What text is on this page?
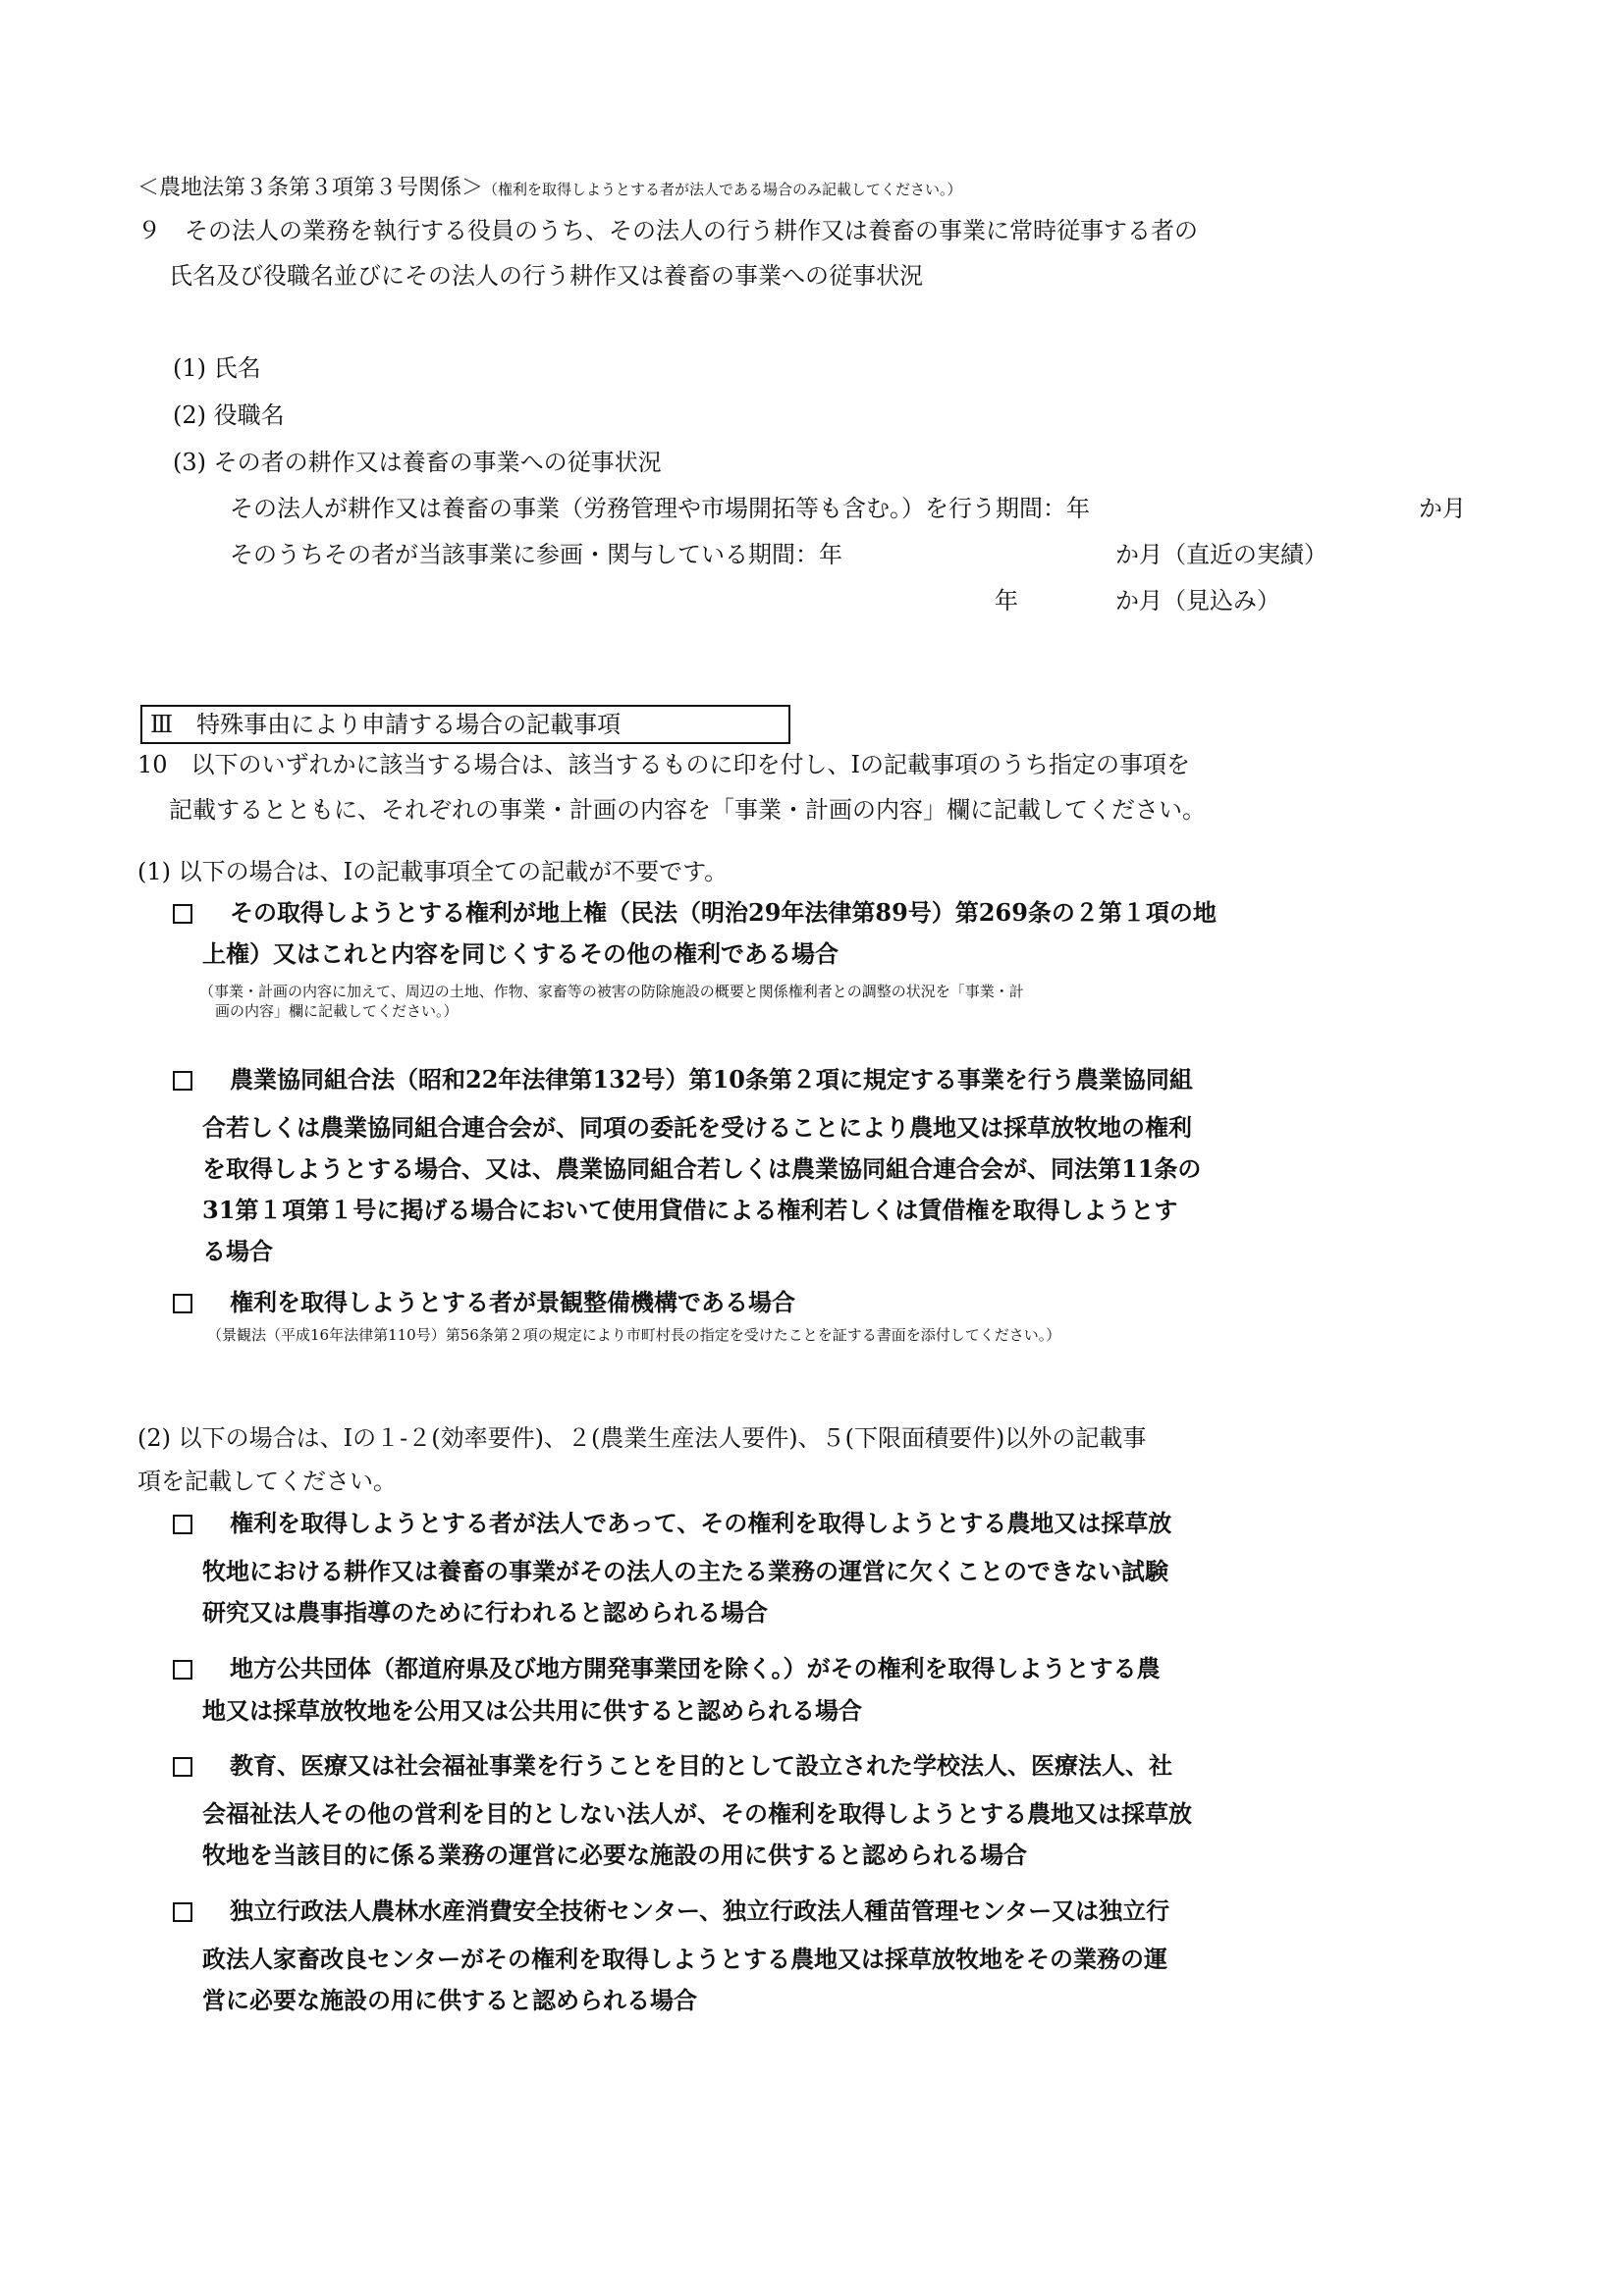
＜農地法第３条第３項第３号関係＞（権利を取得しようとする者が法人である場合のみ記載してください。）
９　その法人の業務を執行する役員のうち、その法人の行う耕作又は養畜の事業に常時従事する者の
氏名及び役職名並びにその法人の行う耕作又は養畜の事業への従事状況
(1) 氏名
(2) 役職名
(3) その者の耕作又は養畜の事業への従事状況
その法人が耕作又は養畜の事業（労務管理や市場開拓等も含む。）を行う期間：年	か月
そのうちその者が当該事業に参画・関与している期間：年	か月（直近の実績）
年	か月（見込み）
Ⅲ　特殊事由により申請する場合の記載事項
10　以下のいずれかに該当する場合は、該当するものに印を付し、Ⅰの記載事項のうち指定の事項を
記載するとともに、それぞれの事業・計画の内容を「事業・計画の内容」欄に記載してください。
(1) 以下の場合は、Ⅰの記載事項全ての記載が不要です。
その取得しようとする権利が地上権（民法（明治29年法律第89号）第269条の２第１項の地
上権）又はこれと内容を同じくするその他の権利である場合
（事業・計画の内容に加えて、周辺の土地、作物、家畜等の被害の防除施設の概要と関係権利者との調整の状況を「事業・計
画の内容」欄に記載してください。）
農業協同組合法（昭和22年法律第132号）第10条第２項に規定する事業を行う農業協同組
合若しくは農業協同組合連合会が、同項の委託を受けることにより農地又は採草放牧地の権利
を取得しようとする場合、又は、農業協同組合若しくは農業協同組合連合会が、同法第11条の
31第１項第１号に掲げる場合において使用貸借による権利若しくは賃借権を取得しようとす
る場合
権利を取得しようとする者が景観整備機構である場合
（景観法（平成16年法律第110号）第56条第２項の規定により市町村長の指定を受けたことを証する書面を添付してください。）
(2) 以下の場合は、Ⅰの１-２(効率要件)、２(農業生産法人要件)、５(下限面積要件)以外の記載事
項を記載してください。
権利を取得しようとする者が法人であって、その権利を取得しようとする農地又は採草放
牧地における耕作又は養畜の事業がその法人の主たる業務の運営に欠くことのできない試験
研究又は農事指導のために行われると認められる場合
地方公共団体（都道府県及び地方開発事業団を除く。）がその権利を取得しようとする農
地又は採草放牧地を公用又は公共用に供すると認められる場合
教育、医療又は社会福祉事業を行うことを目的として設立された学校法人、医療法人、社
会福祉法人その他の営利を目的としない法人が、その権利を取得しようとする農地又は採草放
牧地を当該目的に係る業務の運営に必要な施設の用に供すると認められる場合
独立行政法人農林水産消費安全技術センター、独立行政法人種苗管理センター又は独立行
政法人家畜改良センターがその権利を取得しようとする農地又は採草放牧地をその業務の運
営に必要な施設の用に供すると認められる場合
